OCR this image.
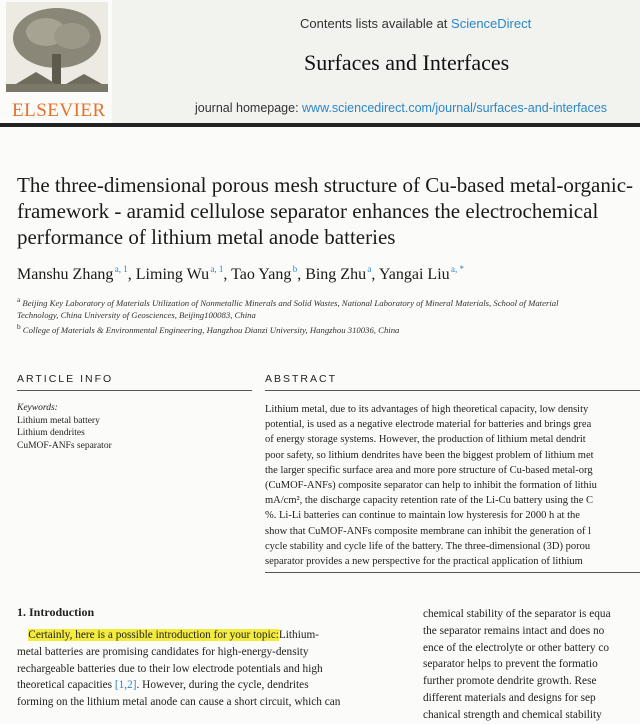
ELSEVIER
Contents lists available at ScienceDirect
Surfaces and Interfaces
journal homepage: www.sciencedirect.com/journal/surfaces-and-interfaces
The three-dimensional porous mesh structure of Cu-based metal-organic-framework - aramid cellulose separator enhances the electrochemical performance of lithium metal anode batteries
Manshu Zhang $^{a, 1}$, Liming Wu $^{a, 1}$, Tao Yang $^b$, Bing Zhu $^a$, Yangai Liu $^{a, *}$
$^a$ Beijing Key Laboratory of Materials Utilization of Nonmetallic Minerals and Solid Wastes, National Laboratory of Mineral Materials, School of Material
Technology, China University of Geosciences, Beijing100083, China
$^b$ College of Materials & Environmental Engineering, Hangzhou Dianzi University, Hangzhou 310036, China
ARTICLE INFO
Keywords:
Lithium metal battery
Lithium dendrites
CuMOF-ANFs separator
ABSTRACT
Lithium metal, due to its advantages of high theoretical capacity, low density
potential, is used as a negative electrode material for batteries and brings grea
of energy storage systems. However, the production of lithium metal dendrit
poor safety, so lithium dendrites have been the biggest problem of lithium met
the larger specific surface area and more pore structure of Cu-based metal-org
(CuMOF-ANFs) composite separator can help to inhibit the formation of lithiu
mA/cm², the discharge capacity retention rate of the Li-Cu battery using the C
%. Li-Li batteries can continue to maintain low hysteresis for 2000 h at the
show that CuMOF-ANFs composite membrane can inhibit the generation of l
cycle stability and cycle life of the battery. The three-dimensional (3D) porou
separator provides a new perspective for the practical application of lithium
1. Introduction
Certainly, here is a possible introduction for your topic:Lithium-
metal batteries are promising candidates for high-energy-density
rechargeable batteries due to their low electrode potentials and high
theoretical capacities [1,2]. However, during the cycle, dendrites
forming on the lithium metal anode can cause a short circuit, which can
chemical stability of the separator is equa
the separator remains intact and does no
ence of the electrolyte or other battery co
separator helps to prevent the formatio
further promote dendrite growth. Rese
different materials and designs for sep
chanical strength and chemical stability
